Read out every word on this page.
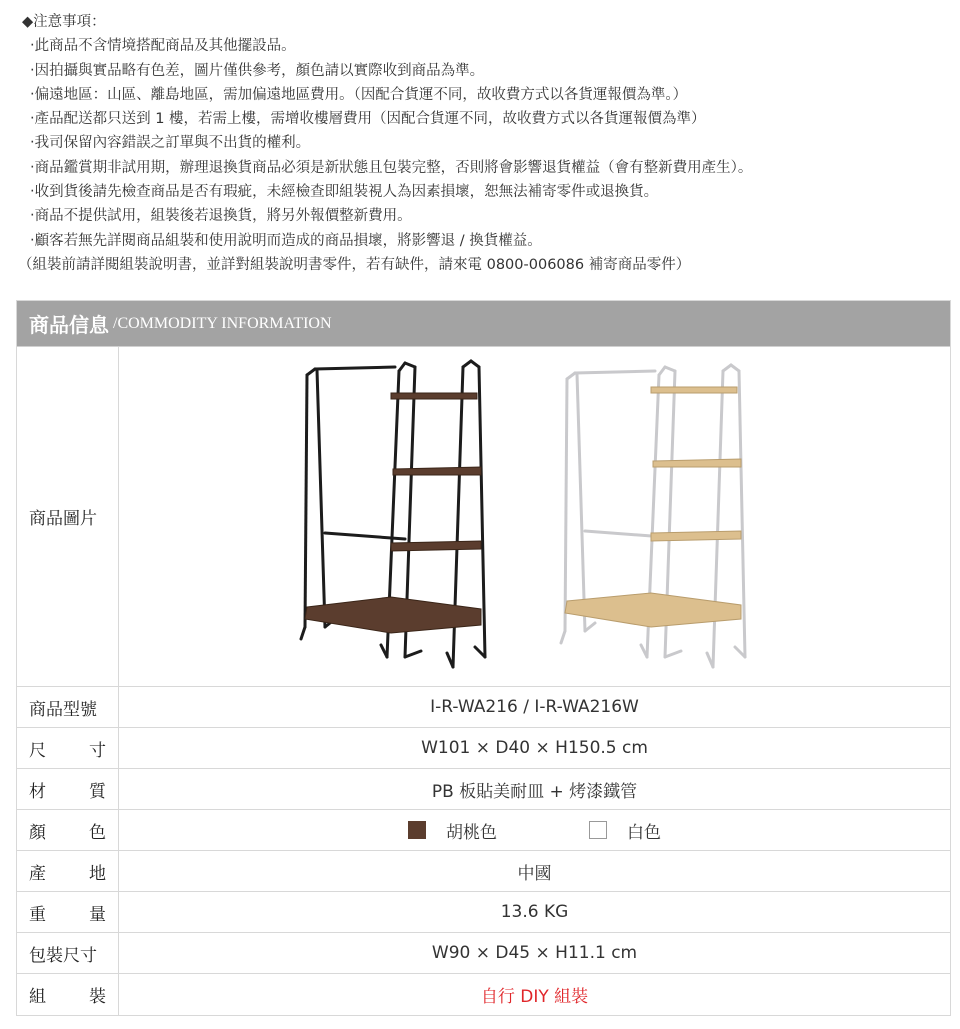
◆注意事項：
‧此商品不含情境搭配商品及其他擺設品。
‧因拍攝與實品略有色差，圖片僅供參考，顏色請以實際收到商品為準。
‧偏遠地區：山區、離島地區，需加偏遠地區費用。（因配合貨運不同，故收費方式以各貨運報價為準。）
‧產品配送都只送到 1 樓，若需上樓，需增收樓層費用（因配合貨運不同，故收費方式以各貨運報價為準）
‧我司保留內容錯誤之訂單與不出貨的權利。
‧商品鑑賞期非試用期，辦理退換貨商品必須是新狀態且包裝完整，否則將會影響退貨權益（會有整新費用產生）。
‧收到貨後請先檢查商品是否有瑕疵，未經檢查即組裝視人為因素損壞，恕無法補寄零件或退換貨。
‧商品不提供試用，組裝後若退換貨，將另外報價整新費用。
‧顧客若無先詳閱商品組裝和使用說明而造成的商品損壞，將影響退 / 換貨權益。
（組裝前請詳閱組裝說明書，並詳對組裝說明書零件，若有缺件，請來電 0800-006086 補寄商品零件）
商品信息 /COMMODITY INFORMATION
商品圖片
商品型號	I-R-WA216 / I-R-WA216W
尺	寸	W101 × D40 × H150.5 cm
材	質	PB 板貼美耐皿 + 烤漆鐵管
顏	色	胡桃色	白色
產	地	中國
重	量	13.6 KG
包裝尺寸	W90 × D45 × H11.1 cm
組	裝	自行 DIY 組裝
